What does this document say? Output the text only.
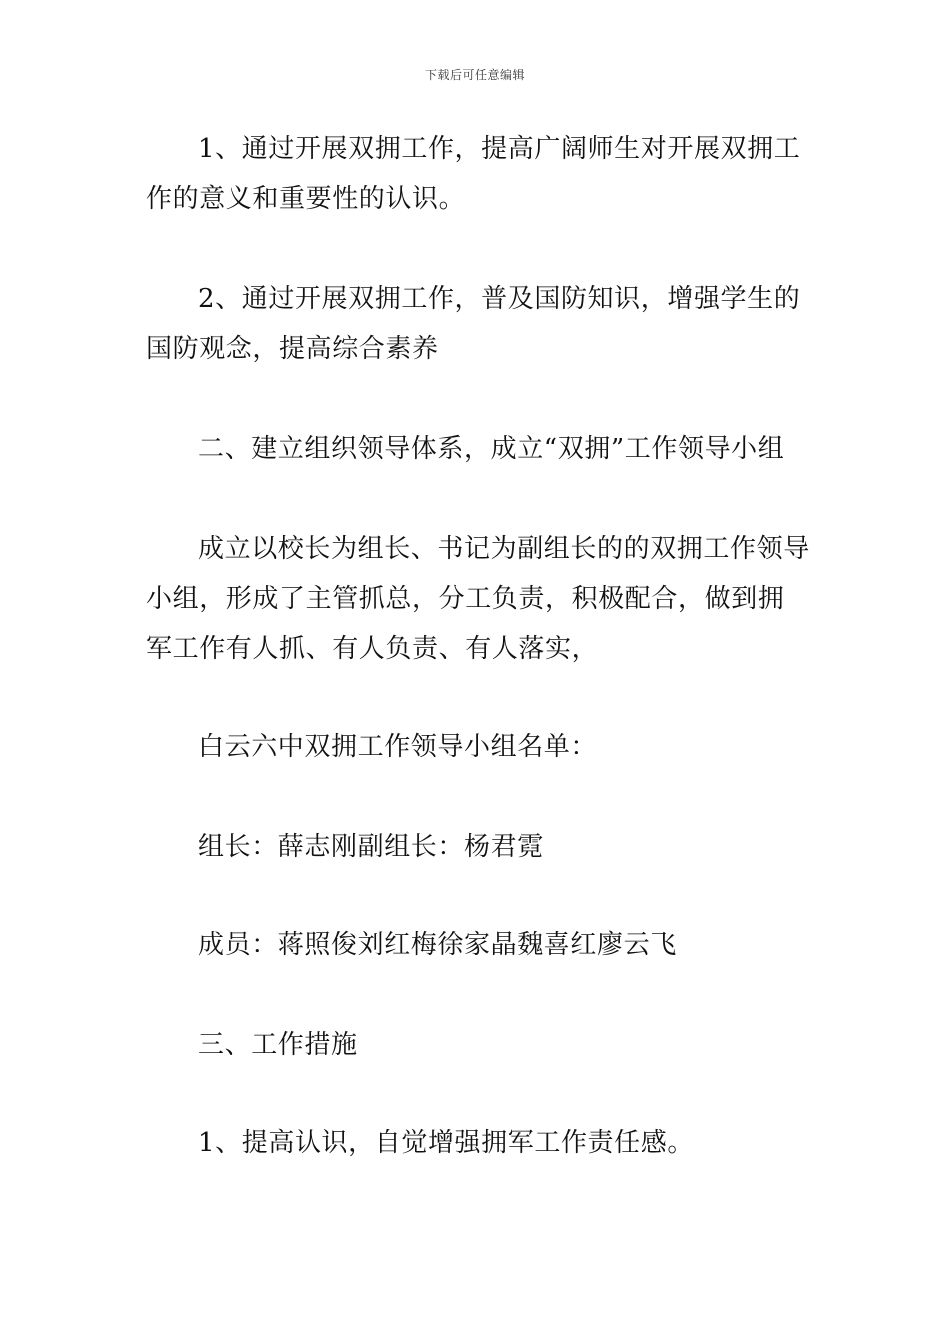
下载后可任意编辑

1、通过开展双拥工作，提高广阔师生对开展双拥工作的意义和重要性的认识。

2、通过开展双拥工作，普及国防知识，增强学生的国防观念，提高综合素养

二、建立组织领导体系，成立“双拥”工作领导小组

成立以校长为组长、书记为副组长的的双拥工作领导小组，形成了主管抓总，分工负责，积极配合，做到拥军工作有人抓、有人负责、有人落实，

白云六中双拥工作领导小组名单：

组长：薛志刚副组长：杨君霓

成员：蒋照俊刘红梅徐家晶魏喜红廖云飞

三、工作措施

1、提高认识，自觉增强拥军工作责任感。
